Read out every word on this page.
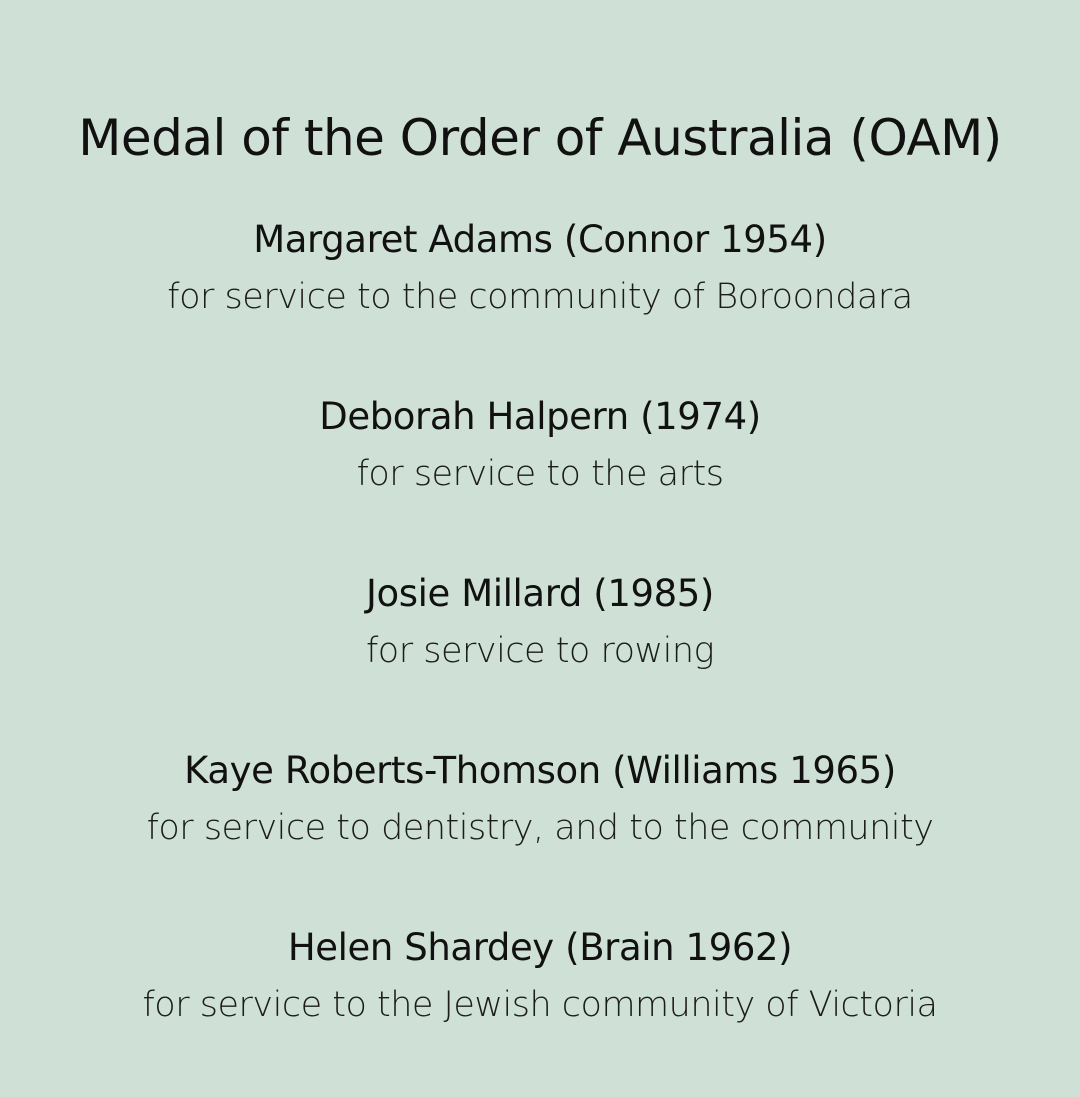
Medal of the Order of Australia (OAM)
Margaret Adams (Connor 1954)
for service to the community of Boroondara
Deborah Halpern (1974)
for service to the arts
Josie Millard (1985)
for service to rowing
Kaye Roberts-Thomson (Williams 1965)
for service to dentistry, and to the community
Helen Shardey (Brain 1962)
for service to the Jewish community of Victoria
